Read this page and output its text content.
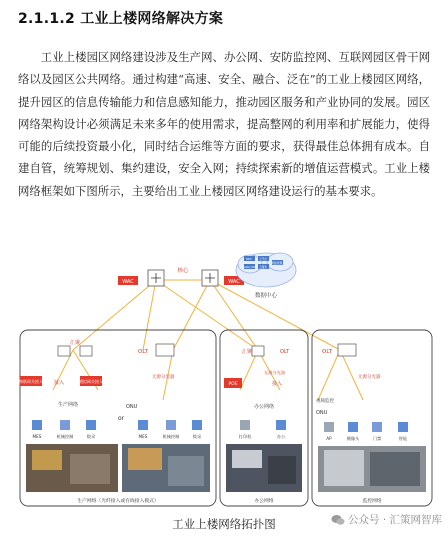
2.1.1.2 工业上楼网络解决方案
工业上楼园区网络建设涉及生产网、办公网、安防监控网、互联网园区骨干网络以及园区公共网络。通过构建“高速、安全、融合、泛在”的工业上楼园区网络，提升园区的信息传输能力和信息感知能力，推动园区服务和产业协同的发展。园区网络架构设计必须满足未来多年的使用需求，提高整网的利用率和扩展能力，使得可能的后续投资最小化，同时结合运维等方面的要求，获得最佳总体拥有成本。自建自管，统筹规划、集约建设，安全入网；持续探索新的增值运营模式。工业上楼网络框架如下图所示，主要给出工业上楼园区网络建设运行的基本要求。
WAC
核心
WAC
MEC	云平台
iMaster NCE 云服务
网络管理
数据中心
汇聚
OLT
物联网关接入 接入	模拟网关接入
生产网络
无源分光器
ONU
or
MES	机械控制	数采	MES	机械控制	数采
生产网络（光纤接入或有线接入模式）
汇聚	OLT
POE	接入
无源分光器
办公网络
打印机	办公
办公网络
OLT
无源分光器
视频监控
ONU
AP	摄像头	门禁	智能
监控网络
工业上楼网络拓扑图	公众号 · 汇策网智库
